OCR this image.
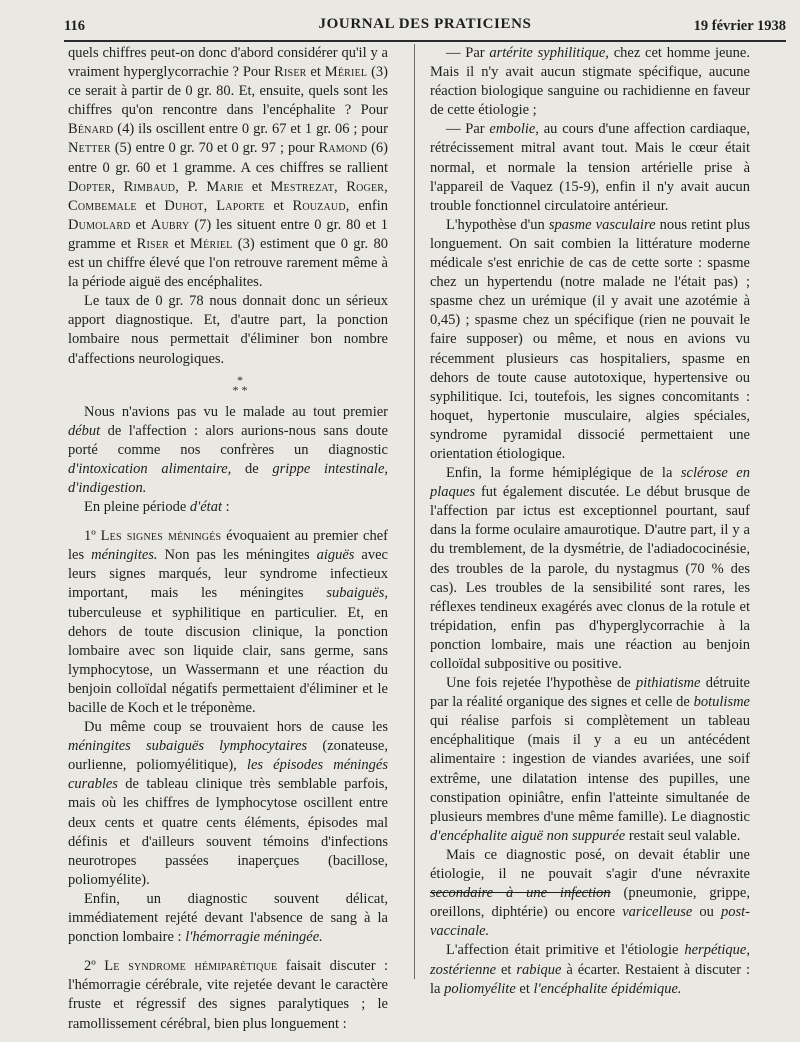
116	JOURNAL DES PRATICIENS	19 février 1938

quels chiffres peut-on donc d'abord considérer qu'il y a vraiment hyperglycorrachie ? Pour Riser et Mériel (3) ce serait à partir de 0 gr. 80. Et, ensuite, quels sont les chiffres qu'on rencontre dans l'encéphalite ? Pour Bénard (4) ils oscillent entre 0 gr. 67 et 1 gr. 06 ; pour Netter (5) entre 0 gr. 70 et 0 gr. 97 ; pour Ramond (6) entre 0 gr. 60 et 1 gramme. A ces chiffres se rallient Dopter, Rimbaud, P. Marie et Mestrezat, Roger, Combemale et Duhot, Laporte et Rouzaud, enfin Dumolard et Aubry (7) les situent entre 0 gr. 80 et 1 gramme et Riser et Mériel (3) estiment que 0 gr. 80 est un chiffre élevé que l'on retrouve rarement même à la période aiguë des encéphalites.

Le taux de 0 gr. 78 nous donnait donc un sérieux apport diagnostique. Et, d'autre part, la ponction lombaire nous permettait d'éliminer bon nombre d'affections neurologiques.

*
* *

Nous n'avions pas vu le malade au tout premier début de l'affection : alors aurions-nous sans doute porté comme nos confrères un diagnostic d'intoxication alimentaire, de grippe intestinale, d'indigestion.

En pleine période d'état :

1º Les signes méningés évoquaient au premier chef les méningites. Non pas les méningites aiguës avec leurs signes marqués, leur syndrome infectieux important, mais les méningites subaiguës, tuberculeuse et syphilitique en particulier. Et, en dehors de toute discusion clinique, la ponction lombaire avec son liquide clair, sans germe, sans lymphocytose, un Wassermann et une réaction du benjoin colloïdal négatifs permettaient d'éliminer et le bacille de Koch et le tréponème.

Du même coup se trouvaient hors de cause les méningites subaiguës lymphocytaires (zonateuse, ourlienne, poliomyélitique), les épisodes méningés curables de tableau clinique très semblable parfois, mais où les chiffres de lymphocytose oscillent entre deux cents et quatre cents éléments, épisodes mal définis et d'ailleurs souvent témoins d'infections neurotropes passées inaperçues (bacillose, poliomyélite).

Enfin, un diagnostic souvent délicat, immédiatement rejété devant l'absence de sang à la ponction lombaire : l'hémorragie méningée.

2º Le syndrome hémiparétique faisait discuter : l'hémorragie cérébrale, vite rejetée devant le caractère fruste et régressif des signes paralytiques ; le ramollissement cérébral, bien plus longuement :

— Par artérite syphilitique, chez cet homme jeune. Mais il n'y avait aucun stigmate spécifique, aucune réaction biologique sanguine ou rachidienne en faveur de cette étiologie ;

— Par embolie, au cours d'une affection cardiaque, rétrécissement mitral avant tout. Mais le cœur était normal, et normale la tension artérielle prise à l'appareil de Vaquez (15-9), enfin il n'y avait aucun trouble fonctionnel circulatoire antérieur.

L'hypothèse d'un spasme vasculaire nous retint plus longuement. On sait combien la littérature moderne médicale s'est enrichie de cas de cette sorte : spasme chez un hypertendu (notre malade ne l'était pas) ; spasme chez un urémique (il y avait une azotémie à 0,45) ; spasme chez un spécifique (rien ne pouvait le faire supposer) ou même, et nous en avions vu récemment plusieurs cas hospitaliers, spasme en dehors de toute cause autotoxique, hypertensive ou syphilitique. Ici, toutefois, les signes concomitants : hoquet, hypertonie musculaire, algies spéciales, syndrome pyramidal dissocié permettaient une orientation étiologique.

Enfin, la forme hémiplégique de la sclérose en plaques fut également discutée. Le début brusque de l'affection par ictus est exceptionnel pourtant, sauf dans la forme oculaire amaurotique. D'autre part, il y a du tremblement, de la dysmétrie, de l'adiadococinésie, des troubles de la parole, du nystagmus (70 % des cas). Les troubles de la sensibilité sont rares, les réflexes tendineux exagérés avec clonus de la rotule et trépidation, enfin pas d'hyperglycorrachie à la ponction lombaire, mais une réaction au benjoin colloïdal subpositive ou positive.

Une fois rejetée l'hypothèse de pithiatisme détruite par la réalité organique des signes et celle de botulisme qui réalise parfois si complètement un tableau encéphalitique (mais il y a eu un antécédent alimentaire : ingestion de viandes avariées, une soif extrême, une dilatation intense des pupilles, une constipation opiniâtre, enfin l'atteinte simultanée de plusieurs membres d'une même famille). Le diagnostic d'encéphalite aiguë non suppurée restait seul valable.

Mais ce diagnostic posé, on devait établir une étiologie, il ne pouvait s'agir d'une névraxite secondaire à une infection (pneumonie, grippe, oreillons, diphtérie) ou encore varicelleuse ou post-vaccinale.

L'affection était primitive et l'étiologie herpétique, zostérienne et rabique à écarter. Restaient à discuter : la poliomyélite et l'encéphalite épidémique.
